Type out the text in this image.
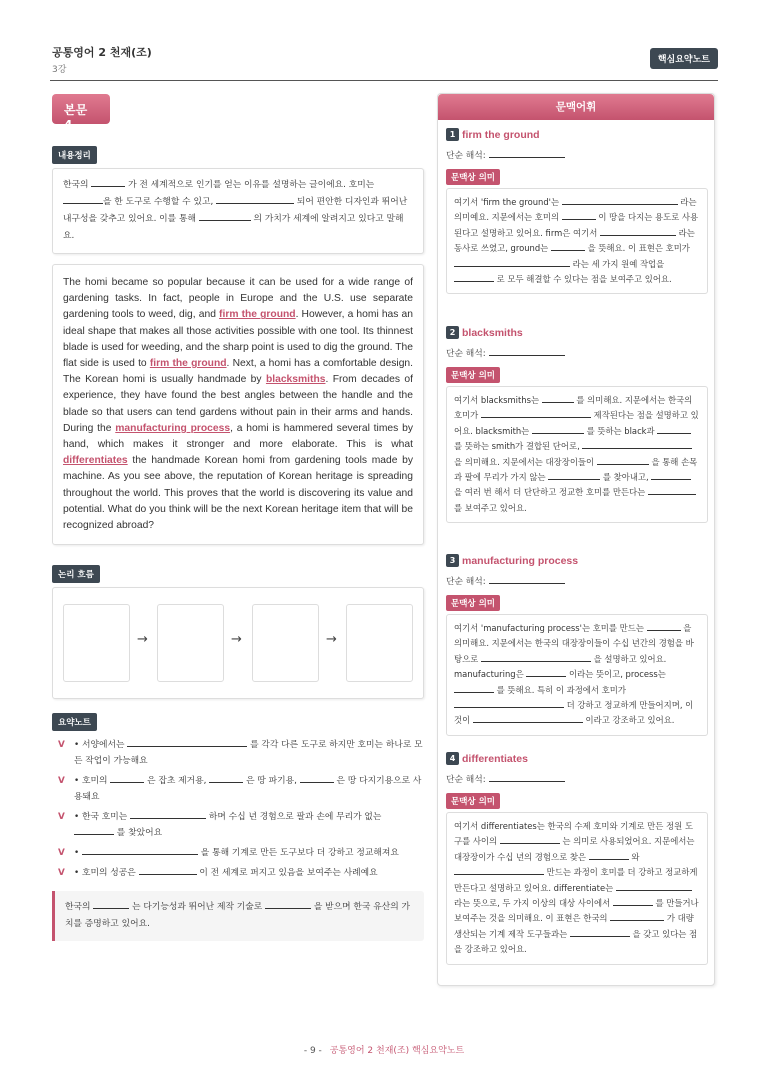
공통영어 2 천재(조)
3강
핵심요약노트
본문 4
내용정리
한국의	가 전 세계적으로 인기를 얻는 이유를 설명하는 글이에요. 호미는 을 한 도구로 수행할 수 있고,	되어 편안한 디자인과 뛰어난 내구성을 갖추고 있어요. 이를 통해	의 가치가 세계에 알려지고 있다고 말해요.
The homi became so popular because it can be used for a wide range of gardening tasks. In fact, people in Europe and the U.S. use separate gardening tools to weed, dig, and firm the ground. However, a homi has an ideal shape that makes all those activities possible with one tool. Its thinnest blade is used for weeding, and the sharp point is used to dig the ground. The flat side is used to firm the ground. Next, a homi has a comfortable design. The Korean homi is usually handmade by blacksmiths. From decades of experience, they have found the best angles between the handle and the blade so that users can tend gardens without pain in their arms and hands. During the manufacturing process, a homi is hammered several times by hand, which makes it stronger and more elaborate. This is what differentiates the handmade Korean homi from gardening tools made by machine. As you see above, the reputation of Korean heritage is spreading throughout the world. This proves that the world is discovering its value and potential. What do you think will be the next Korean heritage item that will be recognized abroad?
논리 흐름
→	→	→
요약노트
V • 서양에서는	를 각각 다른 도구로 하지만 호미는 하나로 모든 작업이 가능해요
V • 호미의	은 잡초 제거용,	은 땅 파기용,	은 땅 다지기용으로 사용돼요
V • 한국 호미는	하며 수십 년 경험으로 팔과 손에 무리가 없는  를 찾았어요
V •	을 통해 기계로 만든 도구보다 더 강하고 정교해져요
V • 호미의 성공은	이 전 세계로 퍼지고 있음을 보여주는 사례예요
한국의	는 다기능성과 뛰어난 제작 기술로	을 받으며 한국 유산의 가치를 증명하고 있어요.
문맥어휘
1 firm the ground
단순 해석:
문맥상 의미
여기서 'firm the ground'는	라는 의미예요. 지문에서는 호미의	이 땅을 다지는 용도로 사용된다고 설명하고 있어요. firm은 여기서	라는 동사로 쓰였고, ground는	을 뜻해요. 이 표현은 호미가  라는 세 가지 원예 작업을  로 모두 해결할 수 있다는 점을 보여주고 있어요.
2 blacksmiths
단순 해석:
문맥상 의미
여기서 blacksmiths는	를 의미해요. 지문에서는 한국의 호미가	제작된다는 점을 설명하고 있어요. blacksmith는	를 뜻하는 black과  를 뜻하는 smith가 결합된 단어로,  을 의미해요. 지문에서는 대장장이들이	을 통해 손목과 팔에 무리가 가지 않는	를 찾아내고,  을 여러 번 해서 더 단단하고 정교한 호미를 만든다는  를 보여주고 있어요.
3 manufacturing process
단순 해석:
문맥상 의미
여기서 'manufacturing process'는 호미를 만드는	을 의미해요. 지문에서는 한국의 대장장이들이 수십 년간의 경험을 바탕으로	을 설명하고 있어요. manufacturing은	이라는 뜻이고, process는  를 뜻해요. 특히 이 과정에서 호미가  더 강하고 정교하게 만들어지며, 이것이	이라고 강조하고 있어요.
4 differentiates
단순 해석:
문맥상 의미
여기서 differentiates는 한국의 수제 호미와 기계로 만든 정원 도구를 사이의	는 의미로 사용되었어요. 지문에서는 대장장이가 수십 년의 경험으로 찾은	와  만드는 과정이 호미를 더 강하고 정교하게 만든다고 설명하고 있어요. differentiate는  라는 뜻으로, 두 가지 이상의 대상 사이에서	를 만들거나 보여주는 것을 의미해요. 이 표현은 한국의	가 대량 생산되는 기계 제작 도구들과는	을 갖고 있다는 점을 강조하고 있어요.
- 9 - 공통영어 2 천재(조) 핵심요약노트
